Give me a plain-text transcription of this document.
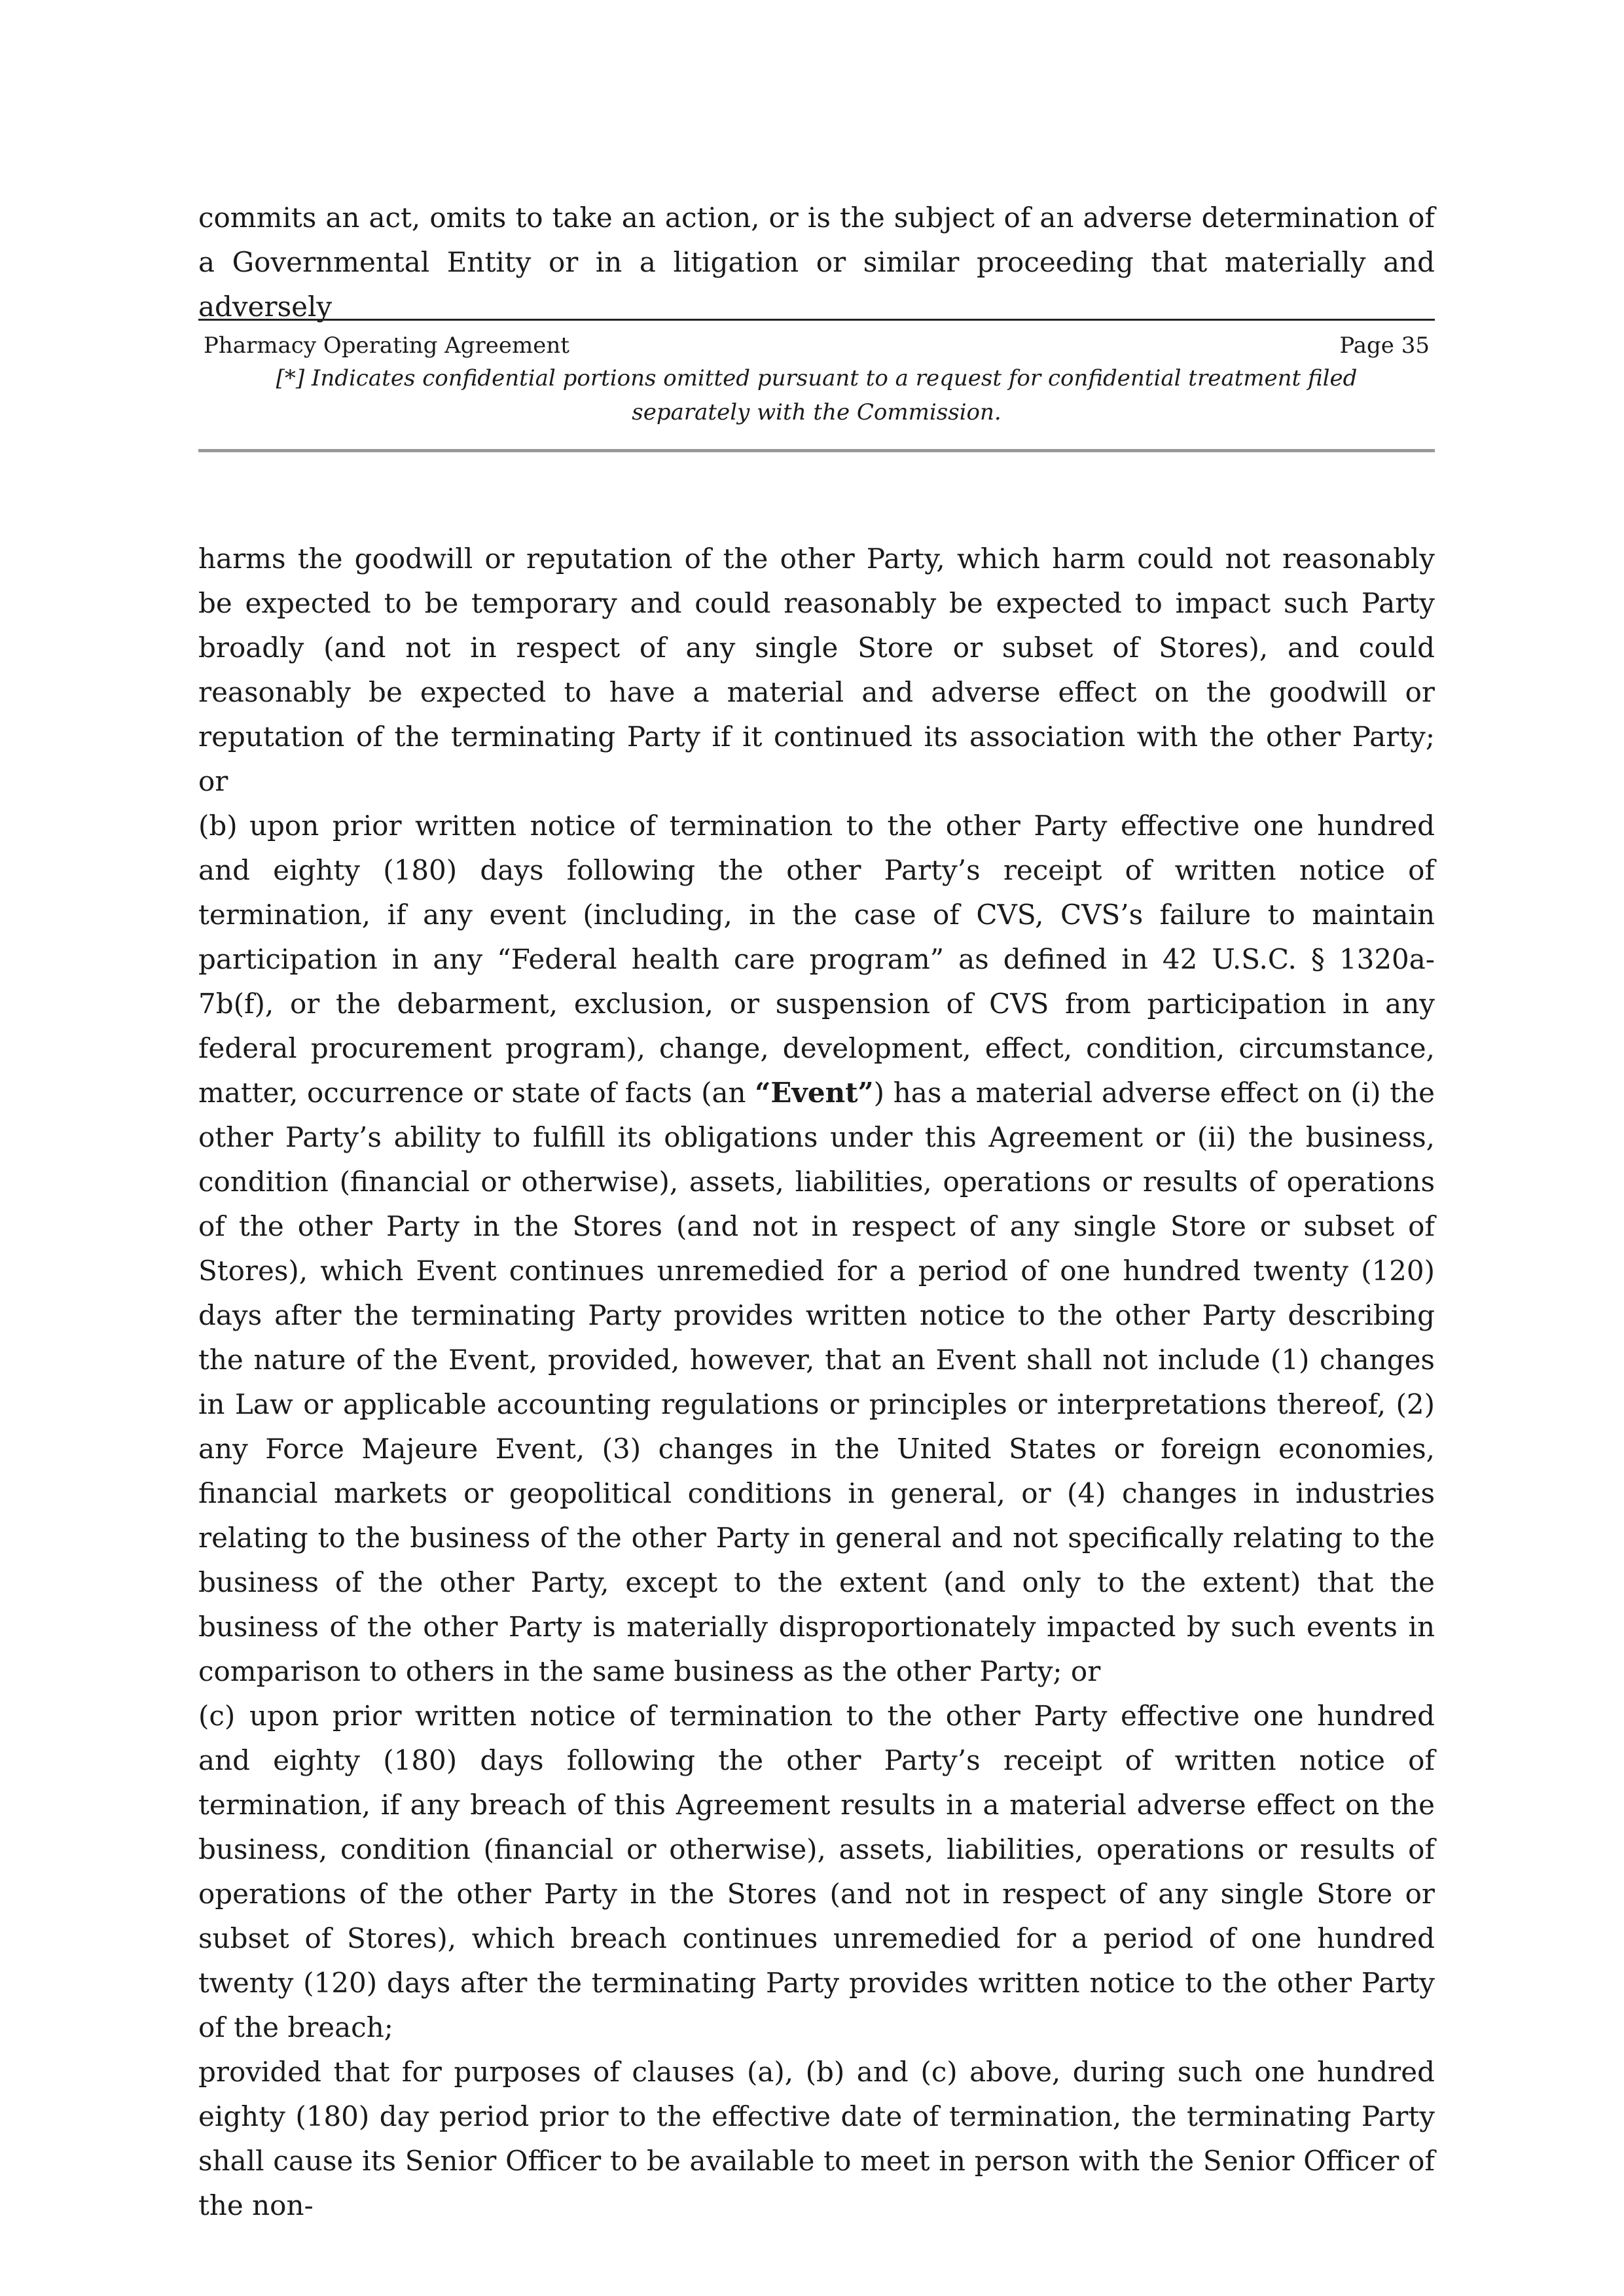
commits an act, omits to take an action, or is the subject of an adverse determination of a Governmental Entity or in a litigation or similar proceeding that materially and adversely

Pharmacy Operating Agreement	Page 35
[*] Indicates confidential portions omitted pursuant to a request for confidential treatment filed
separately with the Commission.

harms the goodwill or reputation of the other Party, which harm could not reasonably be expected to be temporary and could reasonably be expected to impact such Party broadly (and not in respect of any single Store or subset of Stores), and could reasonably be expected to have a material and adverse effect on the goodwill or reputation of the terminating Party if it continued its association with the other Party; or

(b) upon prior written notice of termination to the other Party effective one hundred and eighty (180) days following the other Party’s receipt of written notice of termination, if any event (including, in the case of CVS, CVS’s failure to maintain participation in any “Federal health care program” as defined in 42 U.S.C. § 1320a-7b(f), or the debarment, exclusion, or suspension of CVS from participation in any federal procurement program), change, development, effect, condition, circumstance, matter, occurrence or state of facts (an “Event”) has a material adverse effect on (i) the other Party’s ability to fulfill its obligations under this Agreement or (ii) the business, condition (financial or otherwise), assets, liabilities, operations or results of operations of the other Party in the Stores (and not in respect of any single Store or subset of Stores), which Event continues unremedied for a period of one hundred twenty (120) days after the terminating Party provides written notice to the other Party describing the nature of the Event, provided, however, that an Event shall not include (1) changes in Law or applicable accounting regulations or principles or interpretations thereof, (2) any Force Majeure Event, (3) changes in the United States or foreign economies, financial markets or geopolitical conditions in general, or (4) changes in industries relating to the business of the other Party in general and not specifically relating to the business of the other Party, except to the extent (and only to the extent) that the business of the other Party is materially disproportionately impacted by such events in comparison to others in the same business as the other Party; or

(c) upon prior written notice of termination to the other Party effective one hundred and eighty (180) days following the other Party’s receipt of written notice of termination, if any breach of this Agreement results in a material adverse effect on the business, condition (financial or otherwise), assets, liabilities, operations or results of operations of the other Party in the Stores (and not in respect of any single Store or subset of Stores), which breach continues unremedied for a period of one hundred twenty (120) days after the terminating Party provides written notice to the other Party of the breach;

provided that for purposes of clauses (a), (b) and (c) above, during such one hundred eighty (180) day period prior to the effective date of termination, the terminating Party shall cause its Senior Officer to be available to meet in person with the Senior Officer of the non-
